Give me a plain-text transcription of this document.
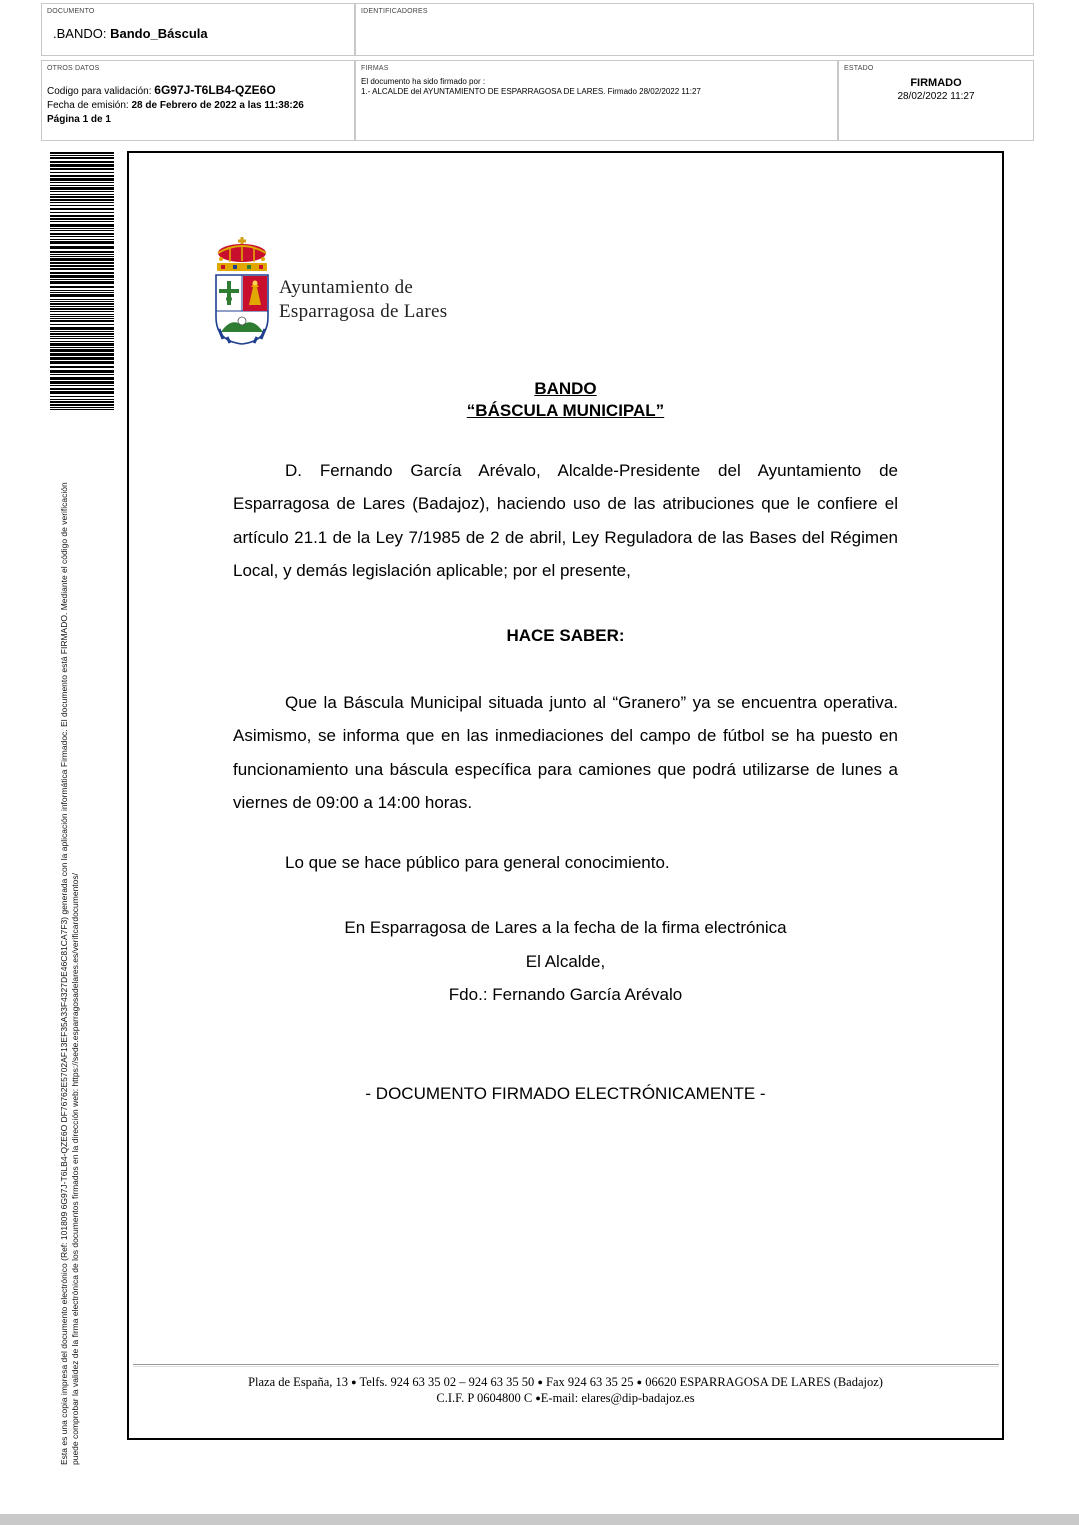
DOCUMENTO
.BANDO: Bando_Báscula
IDENTIFICADORES
OTROS DATOS
Codigo para validación: 6G97J-T6LB4-QZE6O
Fecha de emisión: 28 de Febrero de 2022 a las 11:38:26
Página 1 de 1
FIRMAS
El documento ha sido firmado por :
1.- ALCALDE del AYUNTAMIENTO DE ESPARRAGOSA DE LARES. Firmado 28/02/2022 11:27
ESTADO
FIRMADO
28/02/2022 11:27
Esta es una copia impresa del documento electrónico (Ref: 101809 6G97J-T6LB4-QZE6O DF76762E5702AF13EF35A33F4327DE46C81CA7F3) generada con la aplicación informática Firmadoc. El documento está FIRMADO. Mediante el código de verificación puede comprobar la validez de la firma electrónica de los documentos firmados en la dirección web: https://sede.esparragosadelares.es/verificardocumentos/
Ayuntamiento de
Esparragosa de Lares
BANDO
“BÁSCULA MUNICIPAL”

D. Fernando García Arévalo, Alcalde-Presidente del Ayuntamiento de Esparragosa de Lares (Badajoz), haciendo uso de las atribuciones que le confiere el artículo 21.1 de la Ley 7/1985 de 2 de abril, Ley Reguladora de las Bases del Régimen Local, y demás legislación aplicable; por el presente,

HACE SABER:

Que la Báscula Municipal situada junto al “Granero” ya se encuentra operativa. Asimismo, se informa que en las inmediaciones del campo de fútbol se ha puesto en funcionamiento una báscula específica para camiones que podrá utilizarse de lunes a viernes de 09:00 a 14:00 horas.

Lo que se hace público para general conocimiento.
En Esparragosa de Lares a la fecha de la firma electrónica
El Alcalde,
Fdo.: Fernando García Arévalo
- DOCUMENTO FIRMADO ELECTRÓNICAMENTE -
Plaza de España, 13 ● Telfs. 924 63 35 02 – 924 63 35 50 ● Fax 924 63 35 25 ● 06620 ESPARRAGOSA DE LARES (Badajoz)
C.I.F. P 0604800 C ●E-mail: elares@dip-badajoz.es
